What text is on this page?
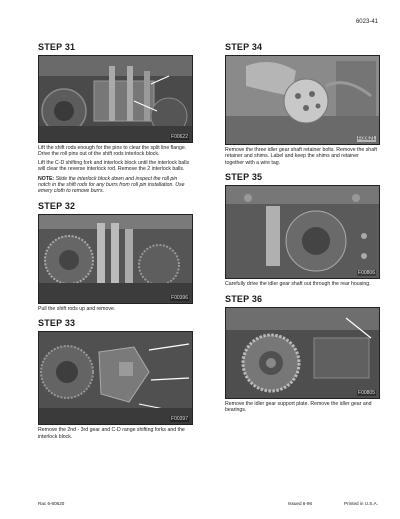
6023-41
STEP 31
F00622

Lift the shift rods enough for the pins to clear the split line flange. Drive the roll pins out of the shift rods interlock block.

Lift the C-D shifting fork and interlock block until the interlock balls will clear the reverse interlock rod. Remove the 2 interlock balls.

NOTE: Slide the interlock block down and inspect the roll pin notch in the shift rods for any burrs from roll pin installation. Use emery cloth to remove burrs.

STEP 32
F00396

Pull the shift rods up and remove.

STEP 33
F00397

Remove the 2nd - 3rd gear and C-D range shifting forks and the interlock block.

STEP 34
F00621

Remove the three idler gear shaft retainer bolts. Remove the shaft retainer and shims. Label and keep the shims and retainer together with a wire tag.

STEP 35
F00806

Carefully drive the idler gear shaft out through the rear housing.

STEP 36
F00805

Remove the idler gear support plate. Remove the idler gear and bearings.

Rac 6-60620	Issued 6-96	Printed in U.S.A.
